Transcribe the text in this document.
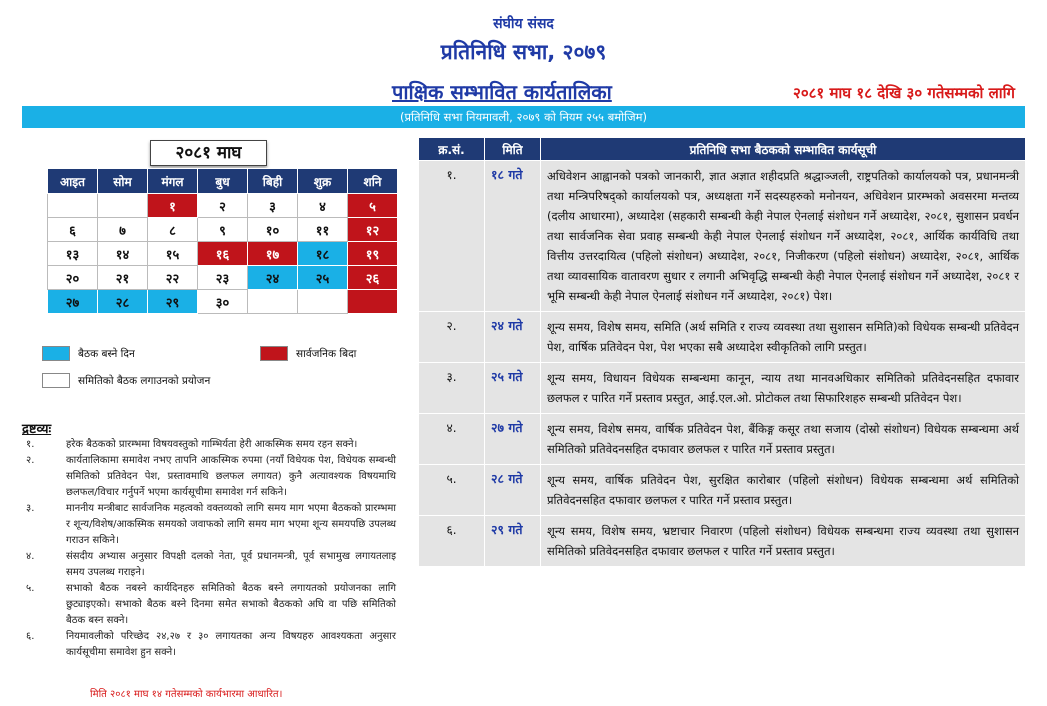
संघीय संसद
प्रतिनिधि सभा, २०७९
पाक्षिक सम्भावित कार्यतालिका	२०८१ माघ १८ देखि ३० गतेसम्मको लागि
(प्रतिनिधि सभा नियमावली, २०७९ को नियम २५५ बमोजिम)
२०८१ माघ
आइत	सोम	मंगल	बुध	बिही	शुक्र	शनि
		१	२	३	४	५
६	७	८	९	१०	११	१२
१३	१४	१५	१६	१७	१८	१९
२०	२१	२२	२३	२४	२५	२६
२७	२८	२९	३०			
बैठक बस्ने दिन	सार्वजनिक बिदा
समितिको बैठक लगाउनको प्रयोजन
द्रष्टव्यः
१.	हरेक बैठकको प्रारम्भमा विषयवस्तुको गाम्भिर्यता हेरी आकस्मिक समय रहन सक्ने।
२.	कार्यतालिकामा समावेश नभए तापनि आकस्मिक रुपमा (नयाँ विधेयक पेश, विधेयक सम्बन्धी समितिको प्रतिवेदन पेश, प्रस्तावमाथि छलफल लगायत) कुनै अत्यावश्यक विषयमाथि छलफल/विचार गर्नुपर्ने भएमा कार्यसूचीमा समावेश गर्न सकिने।
३.	माननीय मन्त्रीबाट सार्वजनिक महत्वको वक्तव्यको लागि समय माग भएमा बैठकको प्रारम्भमा र शून्य/विशेष/आकस्मिक समयको जवाफको लागि समय माग भएमा शून्य समयपछि उपलब्ध गराउन सकिने।
४.	संसदीय अभ्यास अनुसार विपक्षी दलको नेता, पूर्व प्रधानमन्त्री, पूर्व सभामुख लगायतलाइ समय उपलब्ध गराइने।
५.	सभाको बैठक नबस्ने कार्यदिनहरु समितिको बैठक बस्ने लगायतको प्रयोजनका लागि छुट्याइएको। सभाको बैठक बस्ने दिनमा समेत सभाको बैठकको अघि वा पछि समितिको बैठक बस्न सक्ने।
६.	नियमावलीको परिच्छेद २४,२७ र ३० लगायतका अन्य विषयहरु आवश्यकता अनुसार कार्यसूचीमा समावेश हुन सक्ने।
मिति २०८१ माघ १४ गतेसम्मको कार्यभारमा आधारित।
क्र.सं.	मिति	प्रतिनिधि सभा बैठकको सम्भावित कार्यसूची
१.	१८ गते	अधिवेशन आह्वानको पत्रको जानकारी, ज्ञात अज्ञात शहीदप्रति श्रद्धाञ्जली, राष्ट्रपतिको कार्यालयको पत्र, प्रधानमन्त्री तथा मन्त्रिपरिषद्को कार्यालयको पत्र, अध्यक्षता गर्ने सदस्यहरुको मनोनयन, अधिवेशन प्रारम्भको अवसरमा मन्तव्य (दलीय आधारमा), अध्यादेश (सहकारी सम्बन्धी केही नेपाल ऐनलाई संशोधन गर्ने अध्यादेश, २०८१, सुशासन प्रवर्धन तथा सार्वजनिक सेवा प्रवाह सम्बन्धी केही नेपाल ऐनलाई संशोधन गर्ने अध्यादेश, २०८१, आर्थिक कार्यविधि तथा वित्तीय उत्तरदायित्व (पहिलो संशोधन) अध्यादेश, २०८१, निजीकरण (पहिलो संशोधन) अध्यादेश, २०८१, आर्थिक तथा व्यावसायिक वातावरण सुधार र लगानी अभिवृद्धि सम्बन्धी केही नेपाल ऐनलाई संशोधन गर्ने अध्यादेश, २०८१ र भूमि सम्बन्धी केही नेपाल ऐनलाई संशोधन गर्ने अध्यादेश, २०८१) पेश।
२.	२४ गते	शून्य समय, विशेष समय, समिति (अर्थ समिति र राज्य व्यवस्था तथा सुशासन समिति)को विधेयक सम्बन्धी प्रतिवेदन पेश, वार्षिक प्रतिवेदन पेश, पेश भएका सबै अध्यादेश स्वीकृतिको लागि प्रस्तुत।
३.	२५ गते	शून्य समय, विधायन विधेयक सम्बन्धमा कानून, न्याय तथा मानवअधिकार समितिको प्रतिवेदनसहित दफावार छलफल र पारित गर्ने प्रस्ताव प्रस्तुत, आई.एल.ओ. प्रोटोकल तथा सिफारिशहरु सम्बन्धी प्रतिवेदन पेश।
४.	२७ गते	शून्य समय, विशेष समय, वार्षिक प्रतिवेदन पेश, बैंकिङ्ग कसूर तथा सजाय (दोस्रो संशोधन) विधेयक सम्बन्धमा अर्थ समितिको प्रतिवेदनसहित दफावार छलफल र पारित गर्ने प्रस्ताव प्रस्तुत।
५.	२८ गते	शून्य समय, वार्षिक प्रतिवेदन पेश, सुरक्षित कारोबार (पहिलो संशोधन) विधेयक सम्बन्धमा अर्थ समितिको प्रतिवेदनसहित दफावार छलफल र पारित गर्ने प्रस्ताव प्रस्तुत।
६.	२९ गते	शून्य समय, विशेष समय, भ्रष्टाचार निवारण (पहिलो संशोधन) विधेयक सम्बन्धमा राज्य व्यवस्था तथा सुशासन समितिको प्रतिवेदनसहित दफावार छलफल र पारित गर्ने प्रस्ताव प्रस्तुत।
